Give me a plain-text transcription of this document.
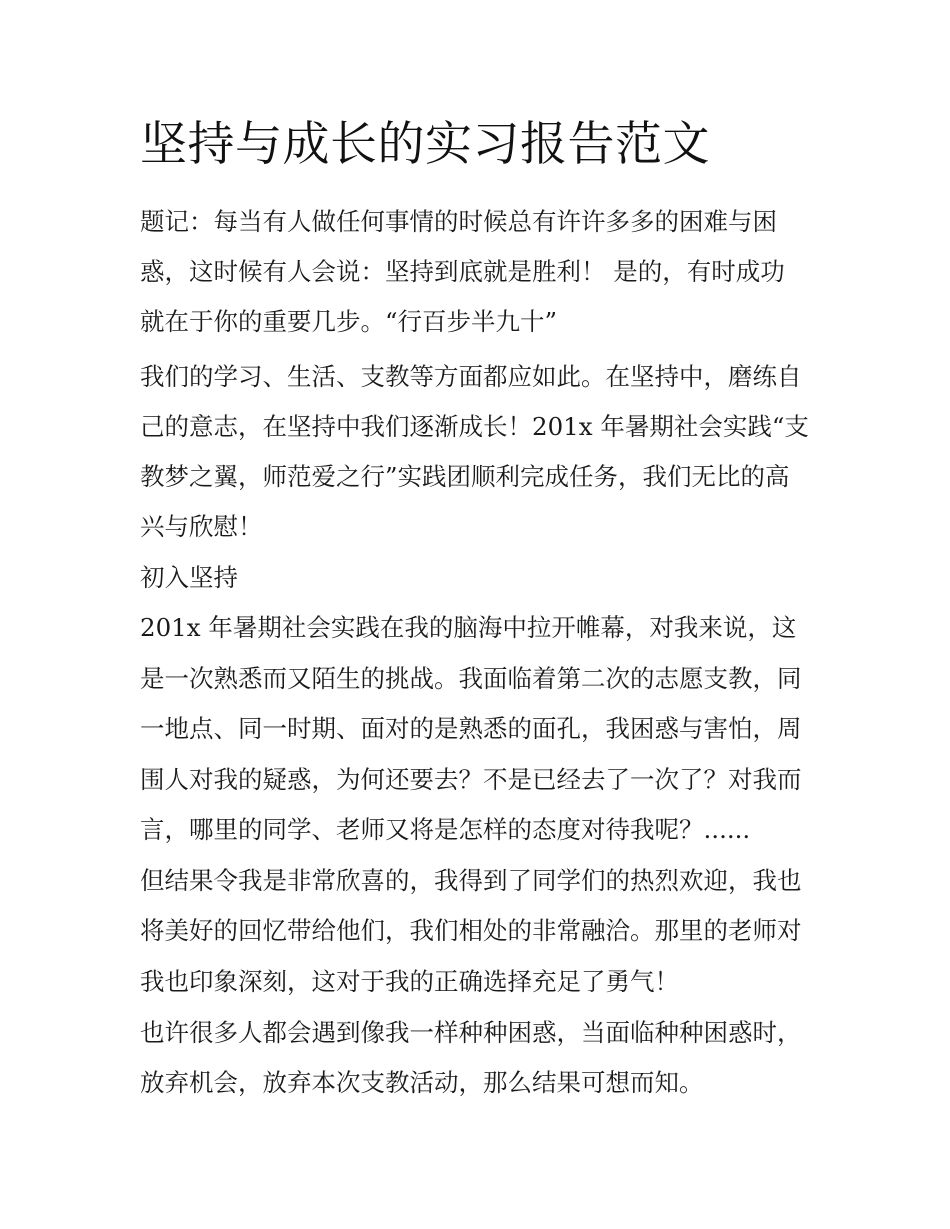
坚持与成长的实习报告范文
题记：每当有人做任何事情的时候总有许许多多的困难与困
惑，这时候有人会说：坚持到底就是胜利！ 是的，有时成功
就在于你的重要几步。“行百步半九十”
我们的学习、生活、支教等方面都应如此。在坚持中，磨练自
己的意志，在坚持中我们逐渐成长！201x 年暑期社会实践“支
教梦之翼，师范爱之行”实践团顺利完成任务，我们无比的高
兴与欣慰！
初入坚持
201x 年暑期社会实践在我的脑海中拉开帷幕，对我来说，这
是一次熟悉而又陌生的挑战。我面临着第二次的志愿支教，同
一地点、同一时期、面对的是熟悉的面孔，我困惑与害怕，周
围人对我的疑惑，为何还要去？不是已经去了一次了？对我而
言，哪里的同学、老师又将是怎样的态度对待我呢？......
但结果令我是非常欣喜的，我得到了同学们的热烈欢迎，我也
将美好的回忆带给他们，我们相处的非常融洽。那里的老师对
我也印象深刻，这对于我的正确选择充足了勇气！
也许很多人都会遇到像我一样种种困惑，当面临种种困惑时，
放弃机会，放弃本次支教活动，那么结果可想而知。
